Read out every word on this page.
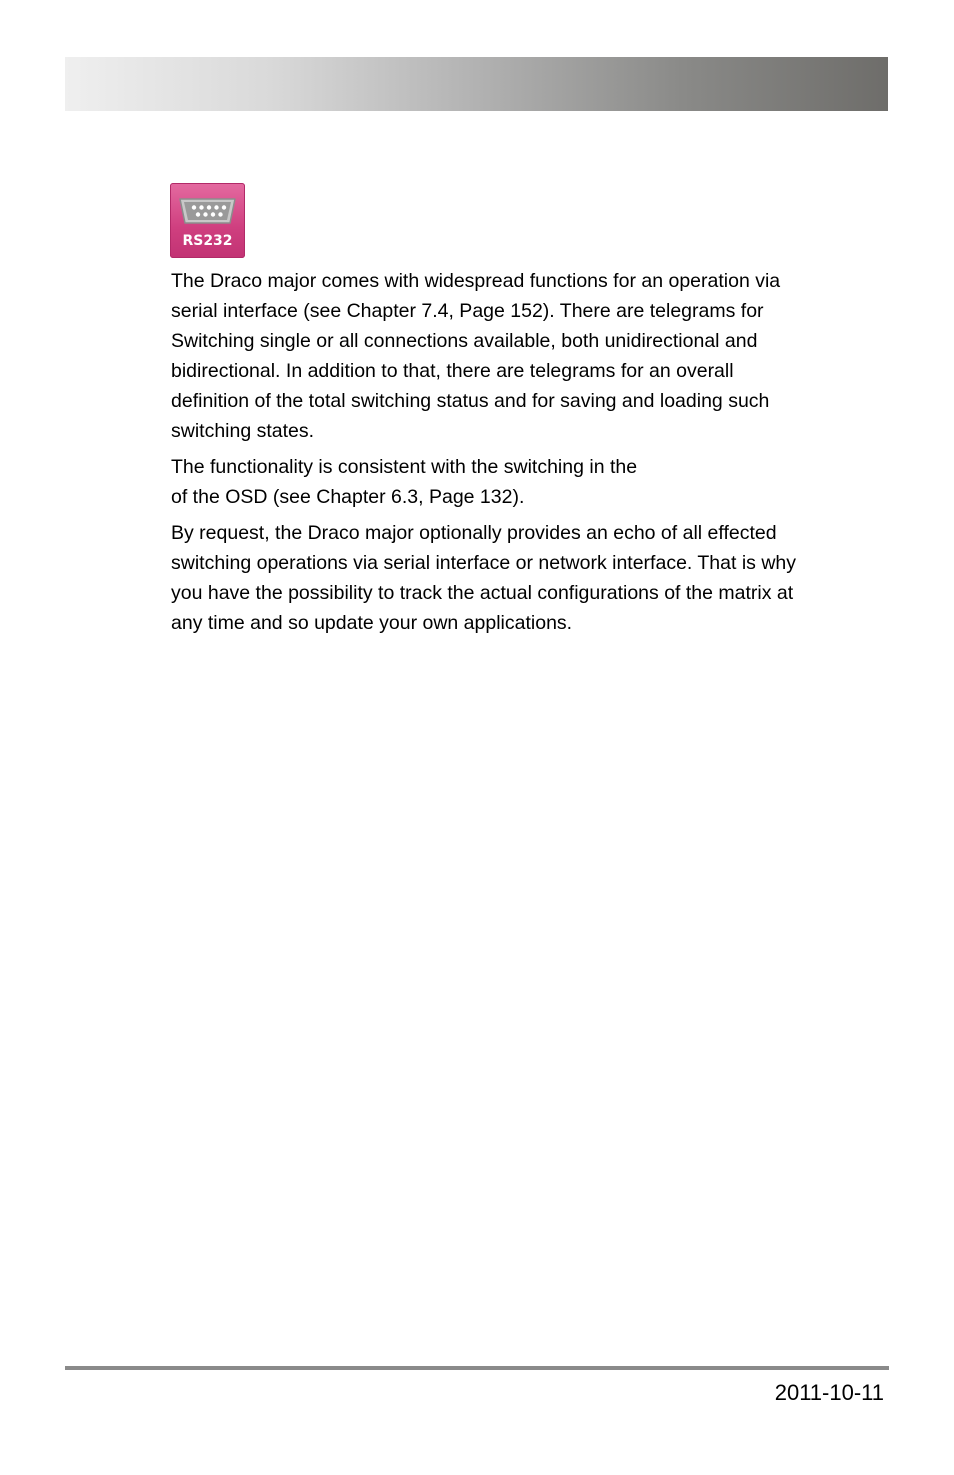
RS232

The Draco major comes with widespread functions for an operation via
serial interface (see Chapter 7.4, Page 152). There are telegrams for
Switching single or all connections available, both unidirectional and
bidirectional. In addition to that, there are telegrams for an overall
definition of the total switching status and for saving and loading such
switching states.

The functionality is consistent with the switching in the
of the OSD (see Chapter 6.3, Page 132).

By request, the Draco major optionally provides an echo of all effected
switching operations via serial interface or network interface. That is why
you have the possibility to track the actual configurations of the matrix at
any time and so update your own applications.

2011-10-11
